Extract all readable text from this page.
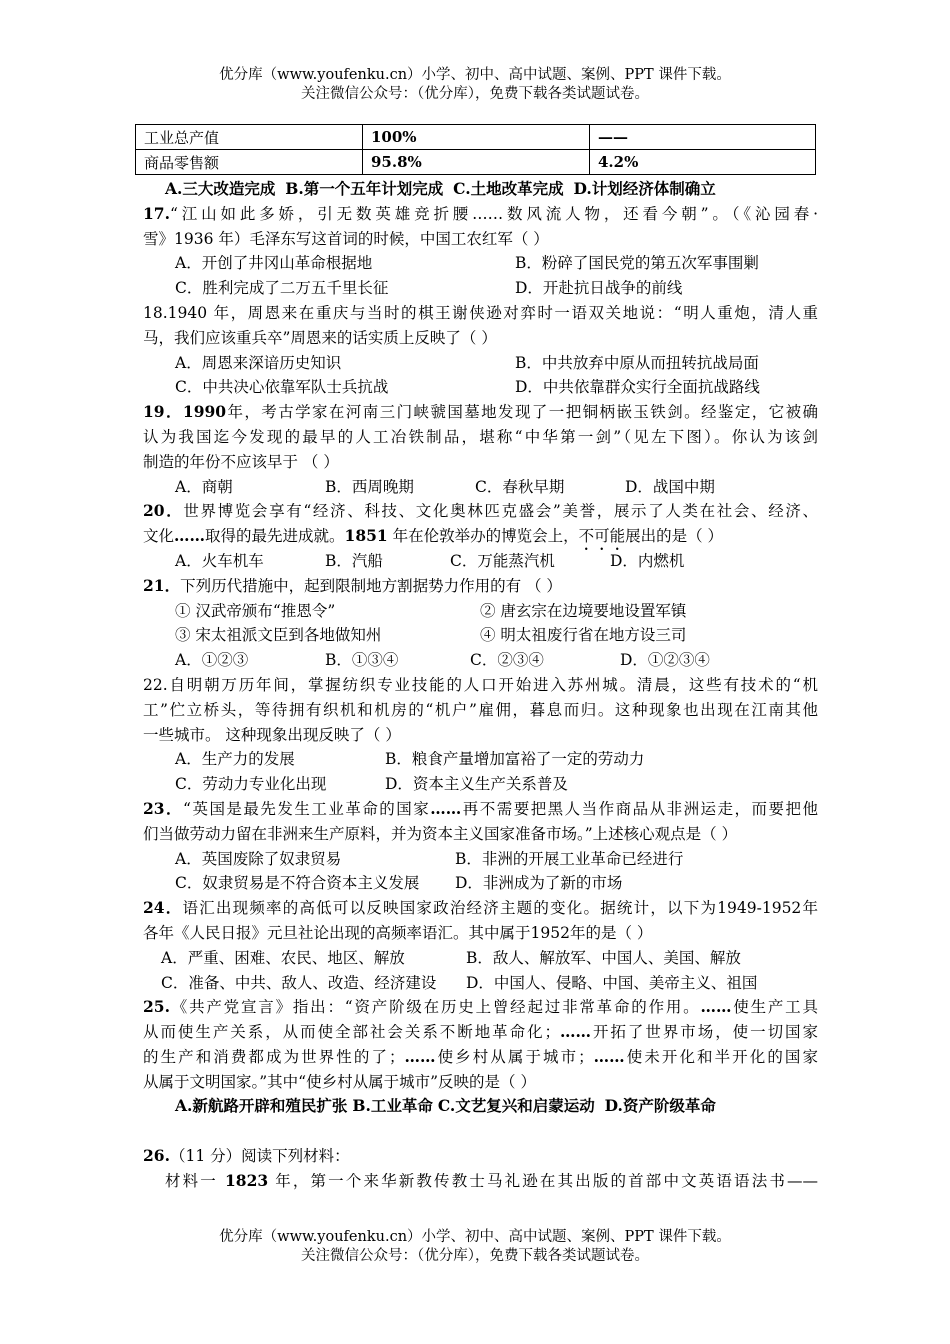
优分库（www.youfenku.cn）小学、初中、高中试题、案例、PPT 课件下载。
关注微信公众号：（优分库），免费下载各类试题试卷。
工业总产值	100%	——
商品零售额	95.8%	4.2%
A.三大改造完成 B.第一个五年计划完成 C.土地改革完成 D.计划经济体制确立
17.“江山如此多娇，引无数英雄竞折腰……数风流人物，还看今朝”。（《沁园春·
雪》1936 年）毛泽东写这首词的时候，中国工农红军（ ）
A．开创了井冈山革命根据地	B．粉碎了国民党的第五次军事围剿
C．胜利完成了二万五千里长征	D．开赴抗日战争的前线
18.1940 年，周恩来在重庆与当时的棋王谢侠逊对弈时一语双关地说：“明人重炮，清人重
马，我们应该重兵卒”周恩来的话实质上反映了（ ）
A．周恩来深谙历史知识	B．中共放弃中原从而扭转抗战局面
C．中共决心依靠军队士兵抗战	D．中共依靠群众实行全面抗战路线
19．1990年，考古学家在河南三门峡虢国墓地发现了一把铜柄嵌玉铁剑。经鉴定，它被确
认为我国迄今发现的最早的人工冶铁制品，堪称“中华第一剑”（见左下图）。你认为该剑
制造的年份不应该早于 （ ）
A．商朝	B．西周晚期	C．春秋早期	D．战国中期
20．世界博览会享有“经济、科技、文化奥林匹克盛会”美誉，展示了人类在社会、经济、
文化……取得的最先进成就。1851 年在伦敦举办的博览会上，不可能展出的是（ ）
A．火车机车	B．汽船	C．万能蒸汽机	D．内燃机
21．下列历代措施中，起到限制地方割据势力作用的有 （ ）
① 汉武帝颁布“推恩令”	② 唐玄宗在边境要地设置军镇
③ 宋太祖派文臣到各地做知州	④ 明太祖废行省在地方设三司
A．①②③	B．①③④	C．②③④	D．①②③④
22.自明朝万历年间，掌握纺织专业技能的人口开始进入苏州城。清晨，这些有技术的“机
工”伫立桥头，等待拥有织机和机房的“机户”雇佣，暮息而归。这种现象也出现在江南其他
一些城市。 这种现象出现反映了（ ）
A．生产力的发展	B．粮食产量增加富裕了一定的劳动力
C．劳动力专业化出现	D．资本主义生产关系普及
23．“英国是最先发生工业革命的国家……再不需要把黑人当作商品从非洲运走，而要把他
们当做劳动力留在非洲来生产原料，并为资本主义国家准备市场。”上述核心观点是（ ）
A．英国废除了奴隶贸易	B．非洲的开展工业革命已经进行
C．奴隶贸易是不符合资本主义发展 D．非洲成为了新的市场
24．语汇出现频率的高低可以反映国家政治经济主题的变化。据统计，以下为1949-1952年
各年《人民日报》元旦社论出现的高频率语汇。其中属于1952年的是（ ）
A．严重、困难、农民、地区、解放	B．敌人、解放军、中国人、美国、解放
C．准备、中共、敌人、改造、经济建设 D．中国人、侵略、中国、美帝主义、祖国
25.《共产党宣言》指出：“资产阶级在历史上曾经起过非常革命的作用。……使生产工具
从而使生产关系，从而使全部社会关系不断地革命化；……开拓了世界市场，使一切国家
的生产和消费都成为世界性的了；……使乡村从属于城市；……使未开化和半开化的国家
从属于文明国家。”其中“使乡村从属于城市”反映的是（ ）
A.新航路开辟和殖民扩张 B.工业革命 C.文艺复兴和启蒙运动 D.资产阶级革命
26.（11 分）阅读下列材料：
材料一 1823 年，第一个来华新教传教士马礼逊在其出版的首部中文英语语法书——
优分库（www.youfenku.cn）小学、初中、高中试题、案例、PPT 课件下载。
关注微信公众号：（优分库），免费下载各类试题试卷。
